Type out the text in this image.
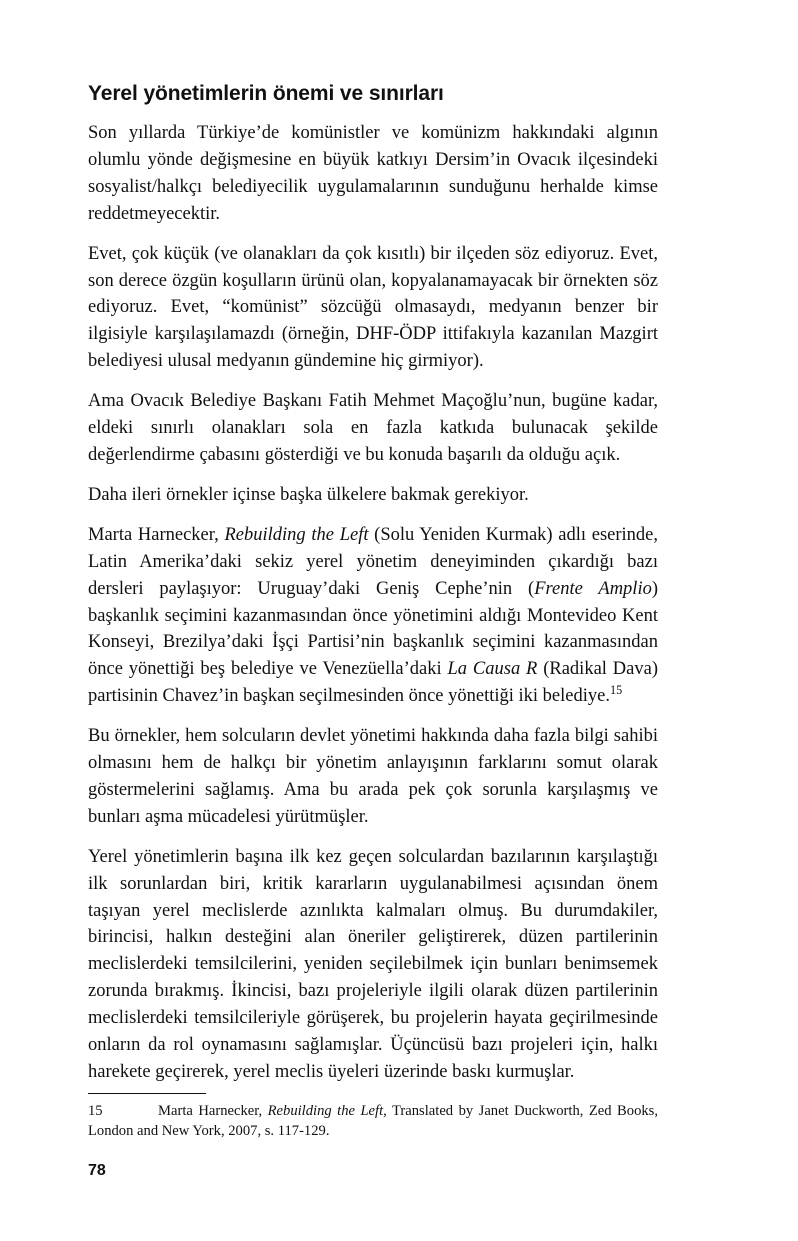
Yerel yönetimlerin önemi ve sınırları

Son yıllarda Türkiye’de komünistler ve komünizm hakkındaki algının olumlu yönde değişmesine en büyük katkıyı Dersim’in Ovacık ilçesindeki sosyalist/halkçı belediyecilik uygulamalarının sunduğunu herhalde kimse reddetmeyecektir.

Evet, çok küçük (ve olanakları da çok kısıtlı) bir ilçeden söz ediyoruz. Evet, son derece özgün koşulların ürünü olan, kopyalanamayacak bir örnekten söz ediyoruz. Evet, “komünist” sözcüğü olmasaydı, medyanın benzer bir ilgisiyle karşılaşılamazdı (örneğin, DHF-ÖDP ittifakıyla kazanılan Mazgirt belediyesi ulusal medyanın gündemine hiç girmiyor).

Ama Ovacık Belediye Başkanı Fatih Mehmet Maçoğlu’nun, bugüne kadar, eldeki sınırlı olanakları sola en fazla katkıda bulunacak şekilde değerlendirme çabasını gösterdiği ve bu konuda başarılı da olduğu açık.

Daha ileri örnekler içinse başka ülkelere bakmak gerekiyor.

Marta Harnecker, Rebuilding the Left (Solu Yeniden Kurmak) adlı eserinde, Latin Amerika’daki sekiz yerel yönetim deneyiminden çıkardığı bazı dersleri paylaşıyor: Uruguay’daki Geniş Cephe’nin (Frente Amplio) başkanlık seçimini kazanmasından önce yönetimini aldığı Montevideo Kent Konseyi, Brezilya’daki İşçi Partisi’nin başkanlık seçimini kazanmasından önce yönettiği beş belediye ve Venezüella’daki La Causa R (Radikal Dava) partisinin Chavez’in başkan seçilmesinden önce yönettiği iki belediye.$^{15}$

Bu örnekler, hem solcuların devlet yönetimi hakkında daha fazla bilgi sahibi olmasını hem de halkçı bir yönetim anlayışının farklarını somut olarak göstermelerini sağlamış. Ama bu arada pek çok sorunla karşılaşmış ve bunları aşma mücadelesi yürütmüşler.

Yerel yönetimlerin başına ilk kez geçen solculardan bazılarının karşılaştığı ilk sorunlardan biri, kritik kararların uygulanabilmesi açısından önem taşıyan yerel meclislerde azınlıkta kalmaları olmuş. Bu durumdakiler, birincisi, halkın desteğini alan öneriler geliştirerek, düzen partilerinin meclislerdeki temsilcilerini, yeniden seçilebilmek için bunları benimsemek zorunda bırakmış. İkincisi, bazı projeleriyle ilgili olarak düzen partilerinin meclislerdeki temsilcileriyle görüşerek, bu projelerin hayata geçirilmesinde onların da rol oynamasını sağlamışlar. Üçüncüsü bazı projeleri için, halkı harekete geçirerek, yerel meclis üyeleri üzerinde baskı kurmuşlar.

15	Marta Harnecker, Rebuilding the Left, Translated by Janet Duckworth, Zed Books, London and New York, 2007, s. 117-129.
78
